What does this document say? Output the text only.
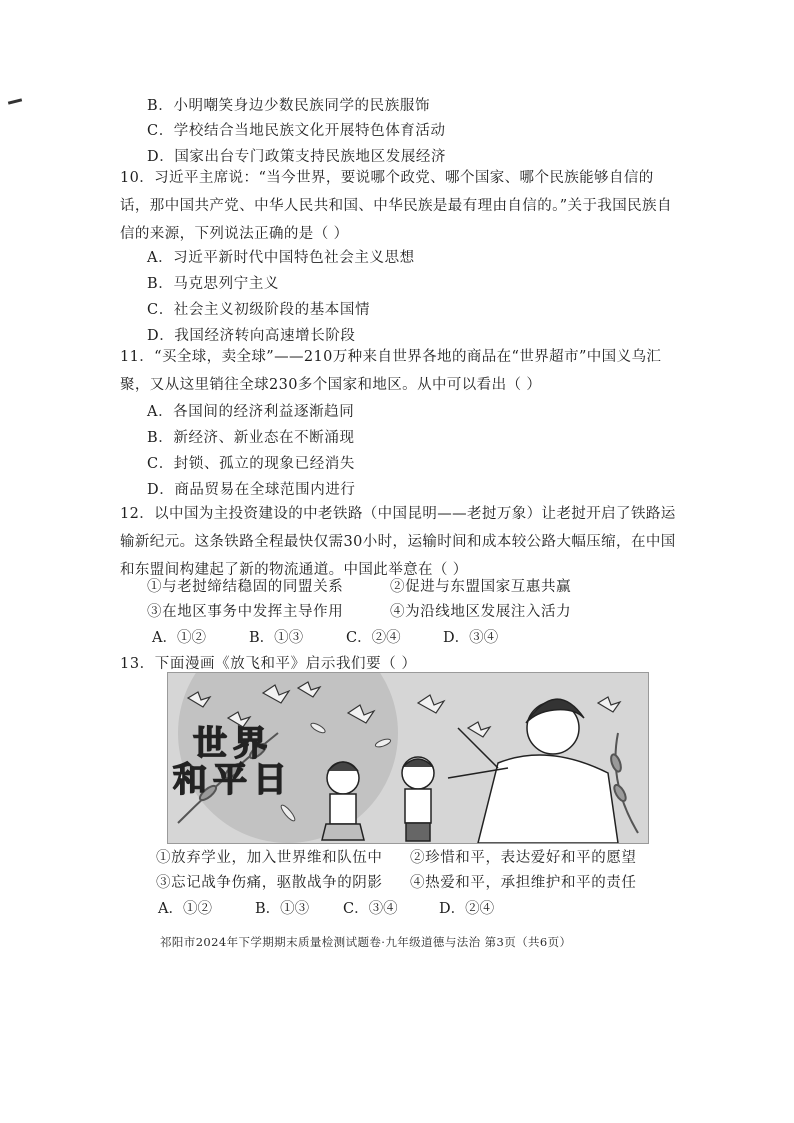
B．小明嘲笑身边少数民族同学的民族服饰
C．学校结合当地民族文化开展特色体育活动
D．国家出台专门政策支持民族地区发展经济
10．习近平主席说：“当今世界，要说哪个政党、哪个国家、哪个民族能够自信的话，那中国共产党、中华人民共和国、中华民族是最有理由自信的。”关于我国民族自信的来源，下列说法正确的是（ ）
A．习近平新时代中国特色社会主义思想
B．马克思列宁主义
C．社会主义初级阶段的基本国情
D．我国经济转向高速增长阶段
11．“买全球，卖全球”——210万种来自世界各地的商品在“世界超市”中国义乌汇聚，又从这里销往全球230多个国家和地区。从中可以看出（ ）
A．各国间的经济利益逐渐趋同
B．新经济、新业态在不断涌现
C．封锁、孤立的现象已经消失
D．商品贸易在全球范围内进行
12．以中国为主投资建设的中老铁路（中国昆明——老挝万象）让老挝开启了铁路运输新纪元。这条铁路全程最快仅需30小时，运输时间和成本较公路大幅压缩，在中国和东盟间构建起了新的物流通道。中国此举意在（ ）
①与老挝缔结稳固的同盟关系	②促进与东盟国家互惠共赢
③在地区事务中发挥主导作用	④为沿线地区发展注入活力
A．①②	B．①③	C．②④	D．③④
13．下面漫画《放飞和平》启示我们要（ ）
世 界
和 平 日
①放弃学业，加入世界维和队伍中	②珍惜和平，表达爱好和平的愿望
③忘记战争伤痛，驱散战争的阴影	④热爱和平，承担维护和平的责任
A．①②	B．①③	C．③④	D．②④
祁阳市2024年下学期期末质量检测试题卷·九年级道德与法治 第3页（共6页）
